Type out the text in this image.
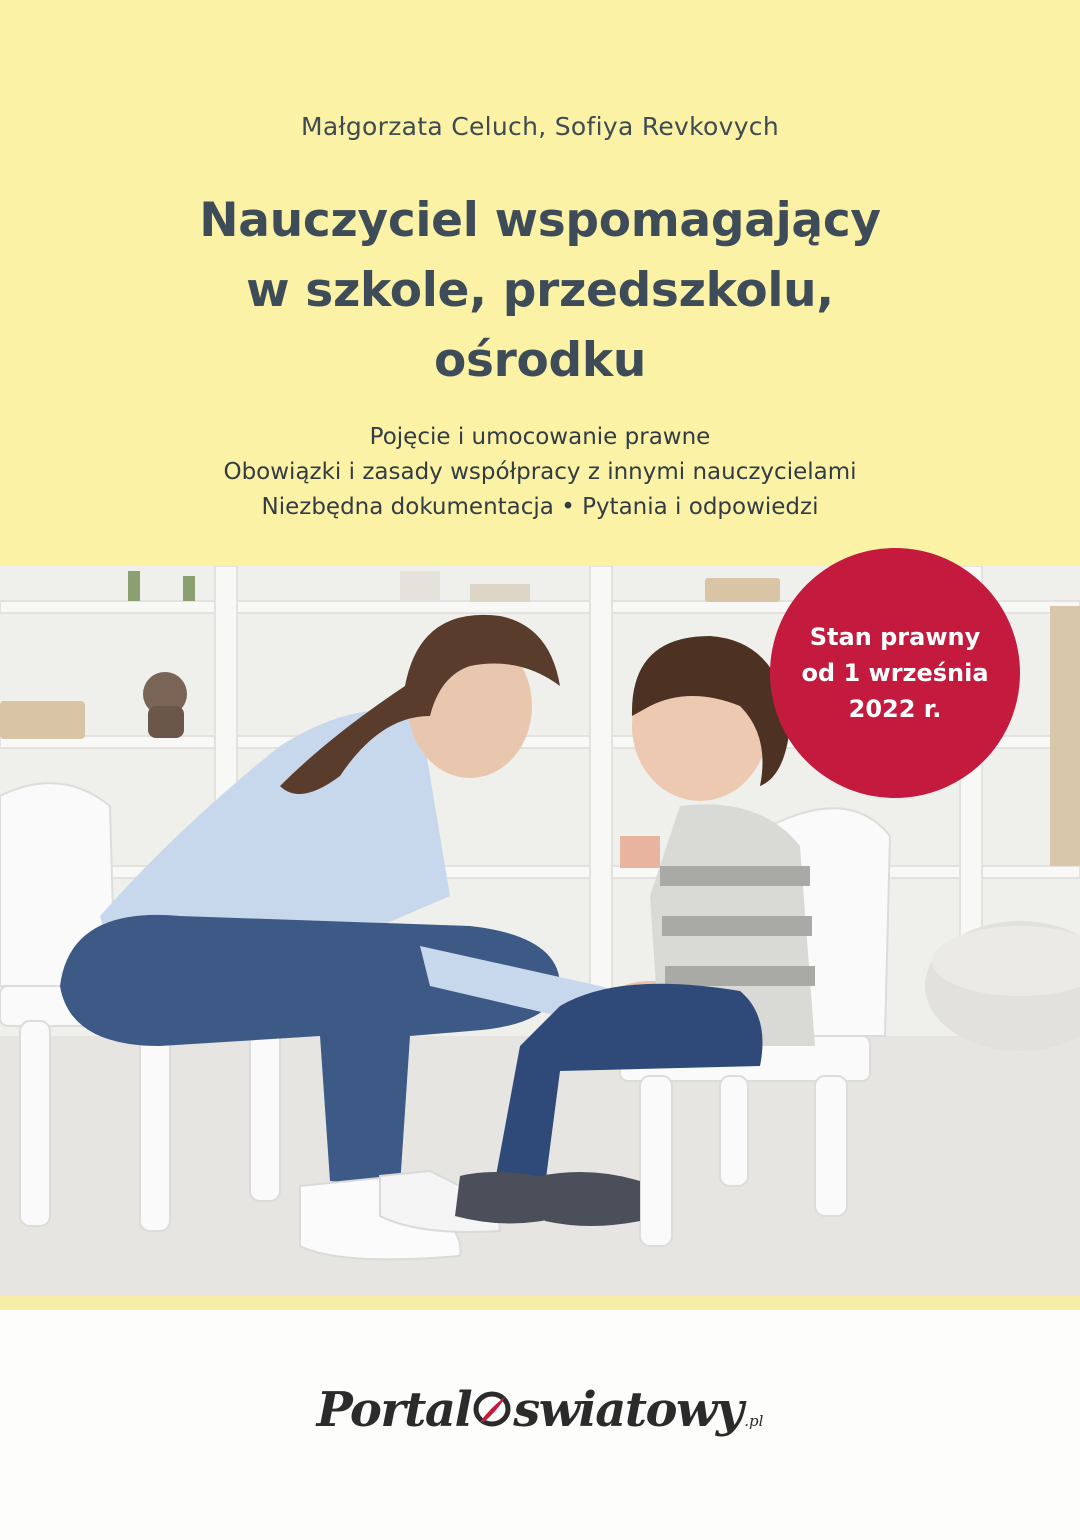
Małgorzata Celuch, Sofiya Revkovych
Nauczyciel wspomagający
w szkole, przedszkolu,
ośrodku
Pojęcie i umocowanie prawne
Obowiązki i zasady współpracy z innymi nauczycielami
Niezbędna dokumentacja • Pytania i odpowiedzi
Stan prawny
od 1 września
2022 r.
Portal swiatowy .pl
